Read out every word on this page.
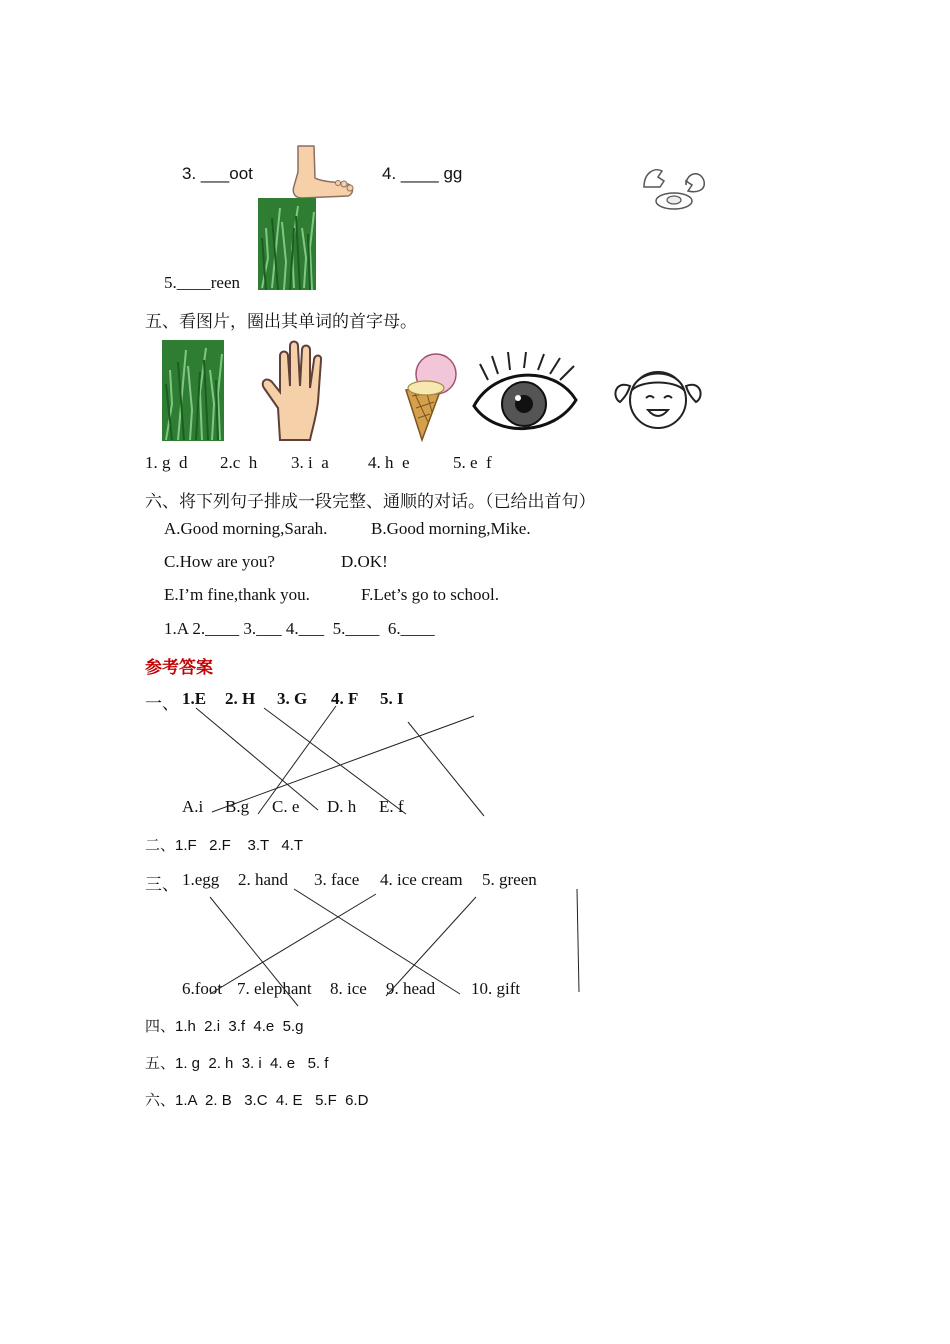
3. ___oot	4. ____ gg
5.____reen
五、看图片，圈出其单词的首字母。
1. g  d 2.c  h 3. i  a 4. h  e	5. e  f
六、将下列句子排成一段完整、通顺的对话。（已给出首句）
A.Good morning,Sarah.	B.Good morning,Mike.
C.How are you?	D.OK!
E.I’m fine,thank you.	F.Let’s go to school.
1.A 2.____ 3.___ 4.___  5.____  6.____
参考答案
一、 1.E 2. H 3. G 4. F 5. I
A.i B.g C. e D. h E. f
二、1.F   2.F    3.T   4.T
三、 1.egg 2. hand 3. face 4. ice cream 5. green
6.foot 7. elephant 8. ice 9. head 10. gift
四、1.h  2.i  3.f  4.e  5.g
五、1. g  2. h  3. i  4. e   5. f
六、1.A  2. B   3.C  4. E   5.F  6.D
